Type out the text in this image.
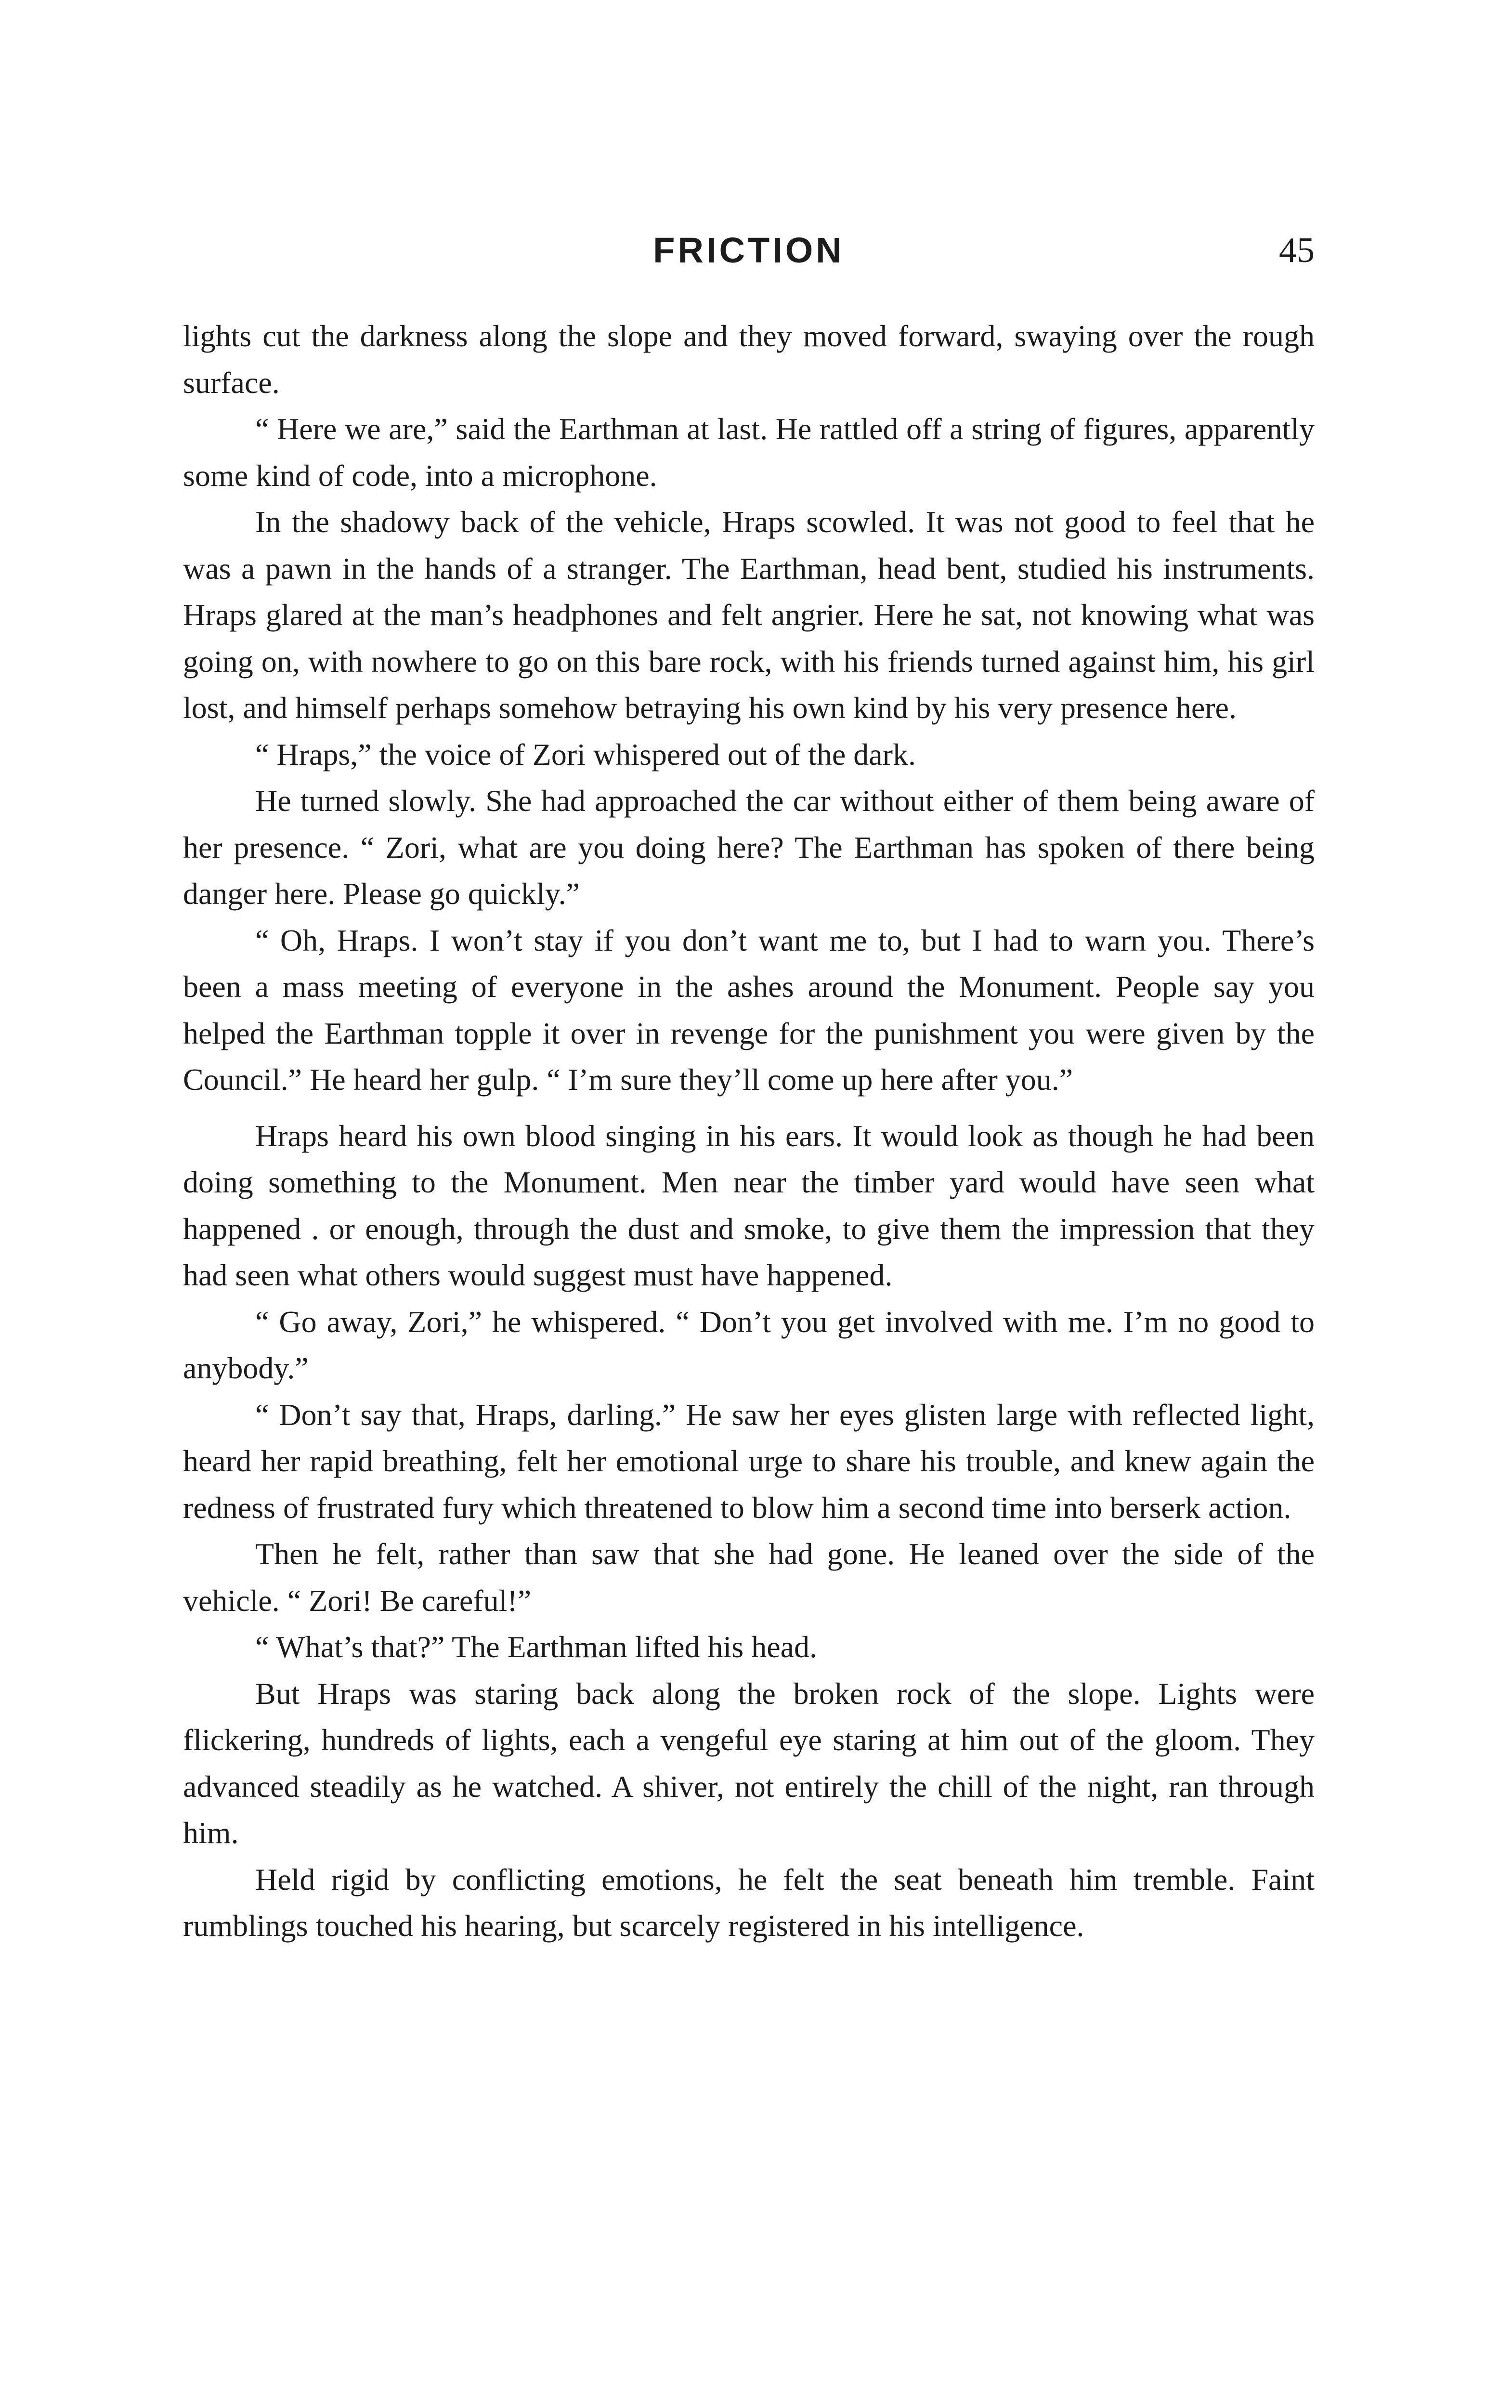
FRICTION	45

lights cut the darkness along the slope and they moved forward, swaying over the rough surface.

“ Here we are,” said the Earthman at last. He rattled off a string of figures, apparently some kind of code, into a microphone.

In the shadowy back of the vehicle, Hraps scowled. It was not good to feel that he was a pawn in the hands of a stranger. The Earthman, head bent, studied his instruments. Hraps glared at the man’s headphones and felt angrier. Here he sat, not knowing what was going on, with nowhere to go on this bare rock, with his friends turned against him, his girl lost, and himself perhaps somehow betraying his own kind by his very presence here.

“ Hraps,” the voice of Zori whispered out of the dark.

He turned slowly. She had approached the car without either of them being aware of her presence. “ Zori, what are you doing here? The Earthman has spoken of there being danger here. Please go quickly.”

“ Oh, Hraps. I won’t stay if you don’t want me to, but I had to warn you. There’s been a mass meeting of everyone in the ashes around the Monument. People say you helped the Earthman topple it over in revenge for the punishment you were given by the Council.” He heard her gulp. “ I’m sure they’ll come up here after you.”

Hraps heard his own blood singing in his ears. It would look as though he had been doing something to the Monument. Men near the timber yard would have seen what happened . or enough, through the dust and smoke, to give them the impression that they had seen what others would suggest must have happened.

“ Go away, Zori,” he whispered. “ Don’t you get involved with me. I’m no good to anybody.”

“ Don’t say that, Hraps, darling.” He saw her eyes glisten large with reflected light, heard her rapid breathing, felt her emotional urge to share his trouble, and knew again the redness of frustrated fury which threatened to blow him a second time into berserk action.

Then he felt, rather than saw that she had gone. He leaned over the side of the vehicle. “ Zori! Be careful!”

“ What’s that?” The Earthman lifted his head.

But Hraps was staring back along the broken rock of the slope. Lights were flickering, hundreds of lights, each a vengeful eye staring at him out of the gloom. They advanced steadily as he watched. A shiver, not entirely the chill of the night, ran through him.

Held rigid by conflicting emotions, he felt the seat beneath him tremble. Faint rumblings touched his hearing, but scarcely registered in his intelligence.
